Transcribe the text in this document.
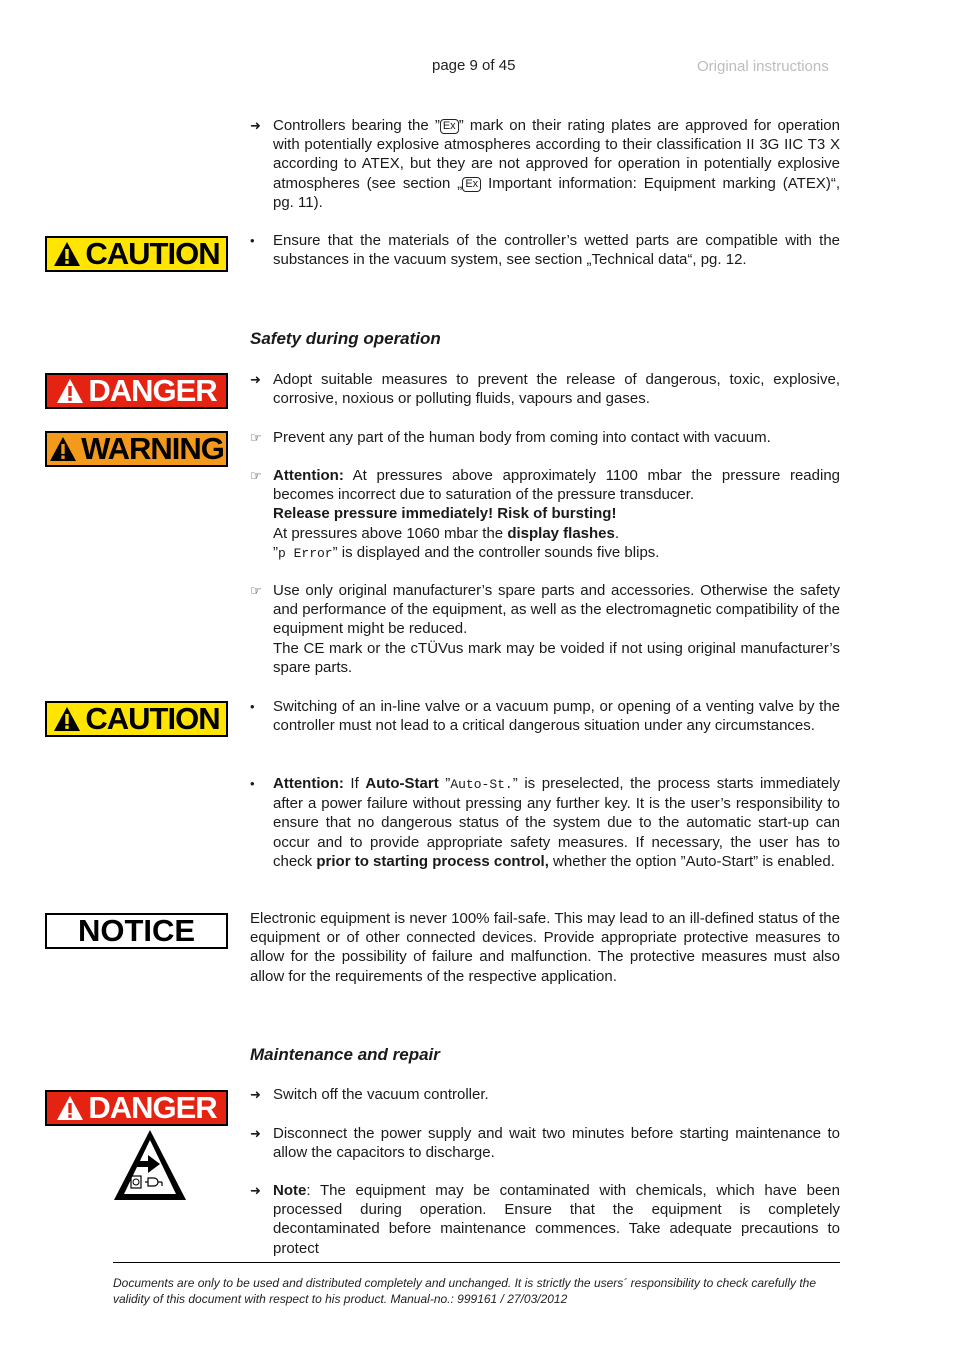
page 9 of 45	Original instructions
➜ Controllers bearing the ” Ex ” mark on their rating plates are approved for operation with potentially explosive atmospheres according to their classification II 3G IIC T3 X according to ATEX, but they are not approved for operation in potentially explosive atmospheres (see section „ Ex Important information: Equipment marking (ATEX)“, pg. 11).
CAUTION •	Ensure that the materials of the controller’s wetted parts are compatible with the substances in the vacuum system, see section „Technical data“, pg. 12.
Safety during operation
DANGER	➜ Adopt suitable measures to prevent the release of dangerous, toxic, explosive, corrosive, noxious or polluting fluids, vapours and gases.
WARNING ☞ Prevent any part of the human body from coming into contact with vacuum.
☞ Attention: At pressures above approximately 1100 mbar the pressure reading becomes incorrect due to saturation of the pressure transducer.
Release pressure immediately! Risk of bursting!
At pressures above 1060 mbar the display flashes.
”p Error” is displayed and the controller sounds five blips.
☞ Use only original manufacturer’s spare parts and accessories. Otherwise the safety and performance of the equipment, as well as the electromagnetic compatibility of the equipment might be reduced.
The CE mark or the cTÜVus mark may be voided if not using original manufacturer’s spare parts.
CAUTION •	Switching of an in-line valve or a vacuum pump, or opening of a venting valve by the controller must not lead to a critical dangerous situation under any circumstances.
•	Attention: If Auto-Start ”Auto-St.” is preselected, the process starts immediately after a power failure without pressing any further key. It is the user’s responsibility to ensure that no dangerous status of the system due to the automatic start-up can occur and to provide appropriate safety measures. If necessary, the user has to check prior to starting process control, whether the option ”Auto-Start” is enabled.
NOTICE	Electronic equipment is never 100% fail-safe. This may lead to an ill-defined status of the equipment or of other connected devices. Provide appropriate protective measures to allow for the possibility of failure and malfunction. The protective measures must also allow for the requirements of the respective application.
Maintenance and repair
DANGER	➜ Switch off the vacuum controller.
➜ Disconnect the power supply and wait two minutes before starting maintenance to allow the capacitors to discharge.
➜ Note: The equipment may be contaminated with chemicals, which have been processed during operation. Ensure that the equipment is completely decontaminated before maintenance commences. Take adequate precautions to protect
Documents are only to be used and distributed completely and unchanged. It is strictly the users´ responsibility to check carefully the validity of this document with respect to his product. Manual-no.: 999161 / 27/03/2012
